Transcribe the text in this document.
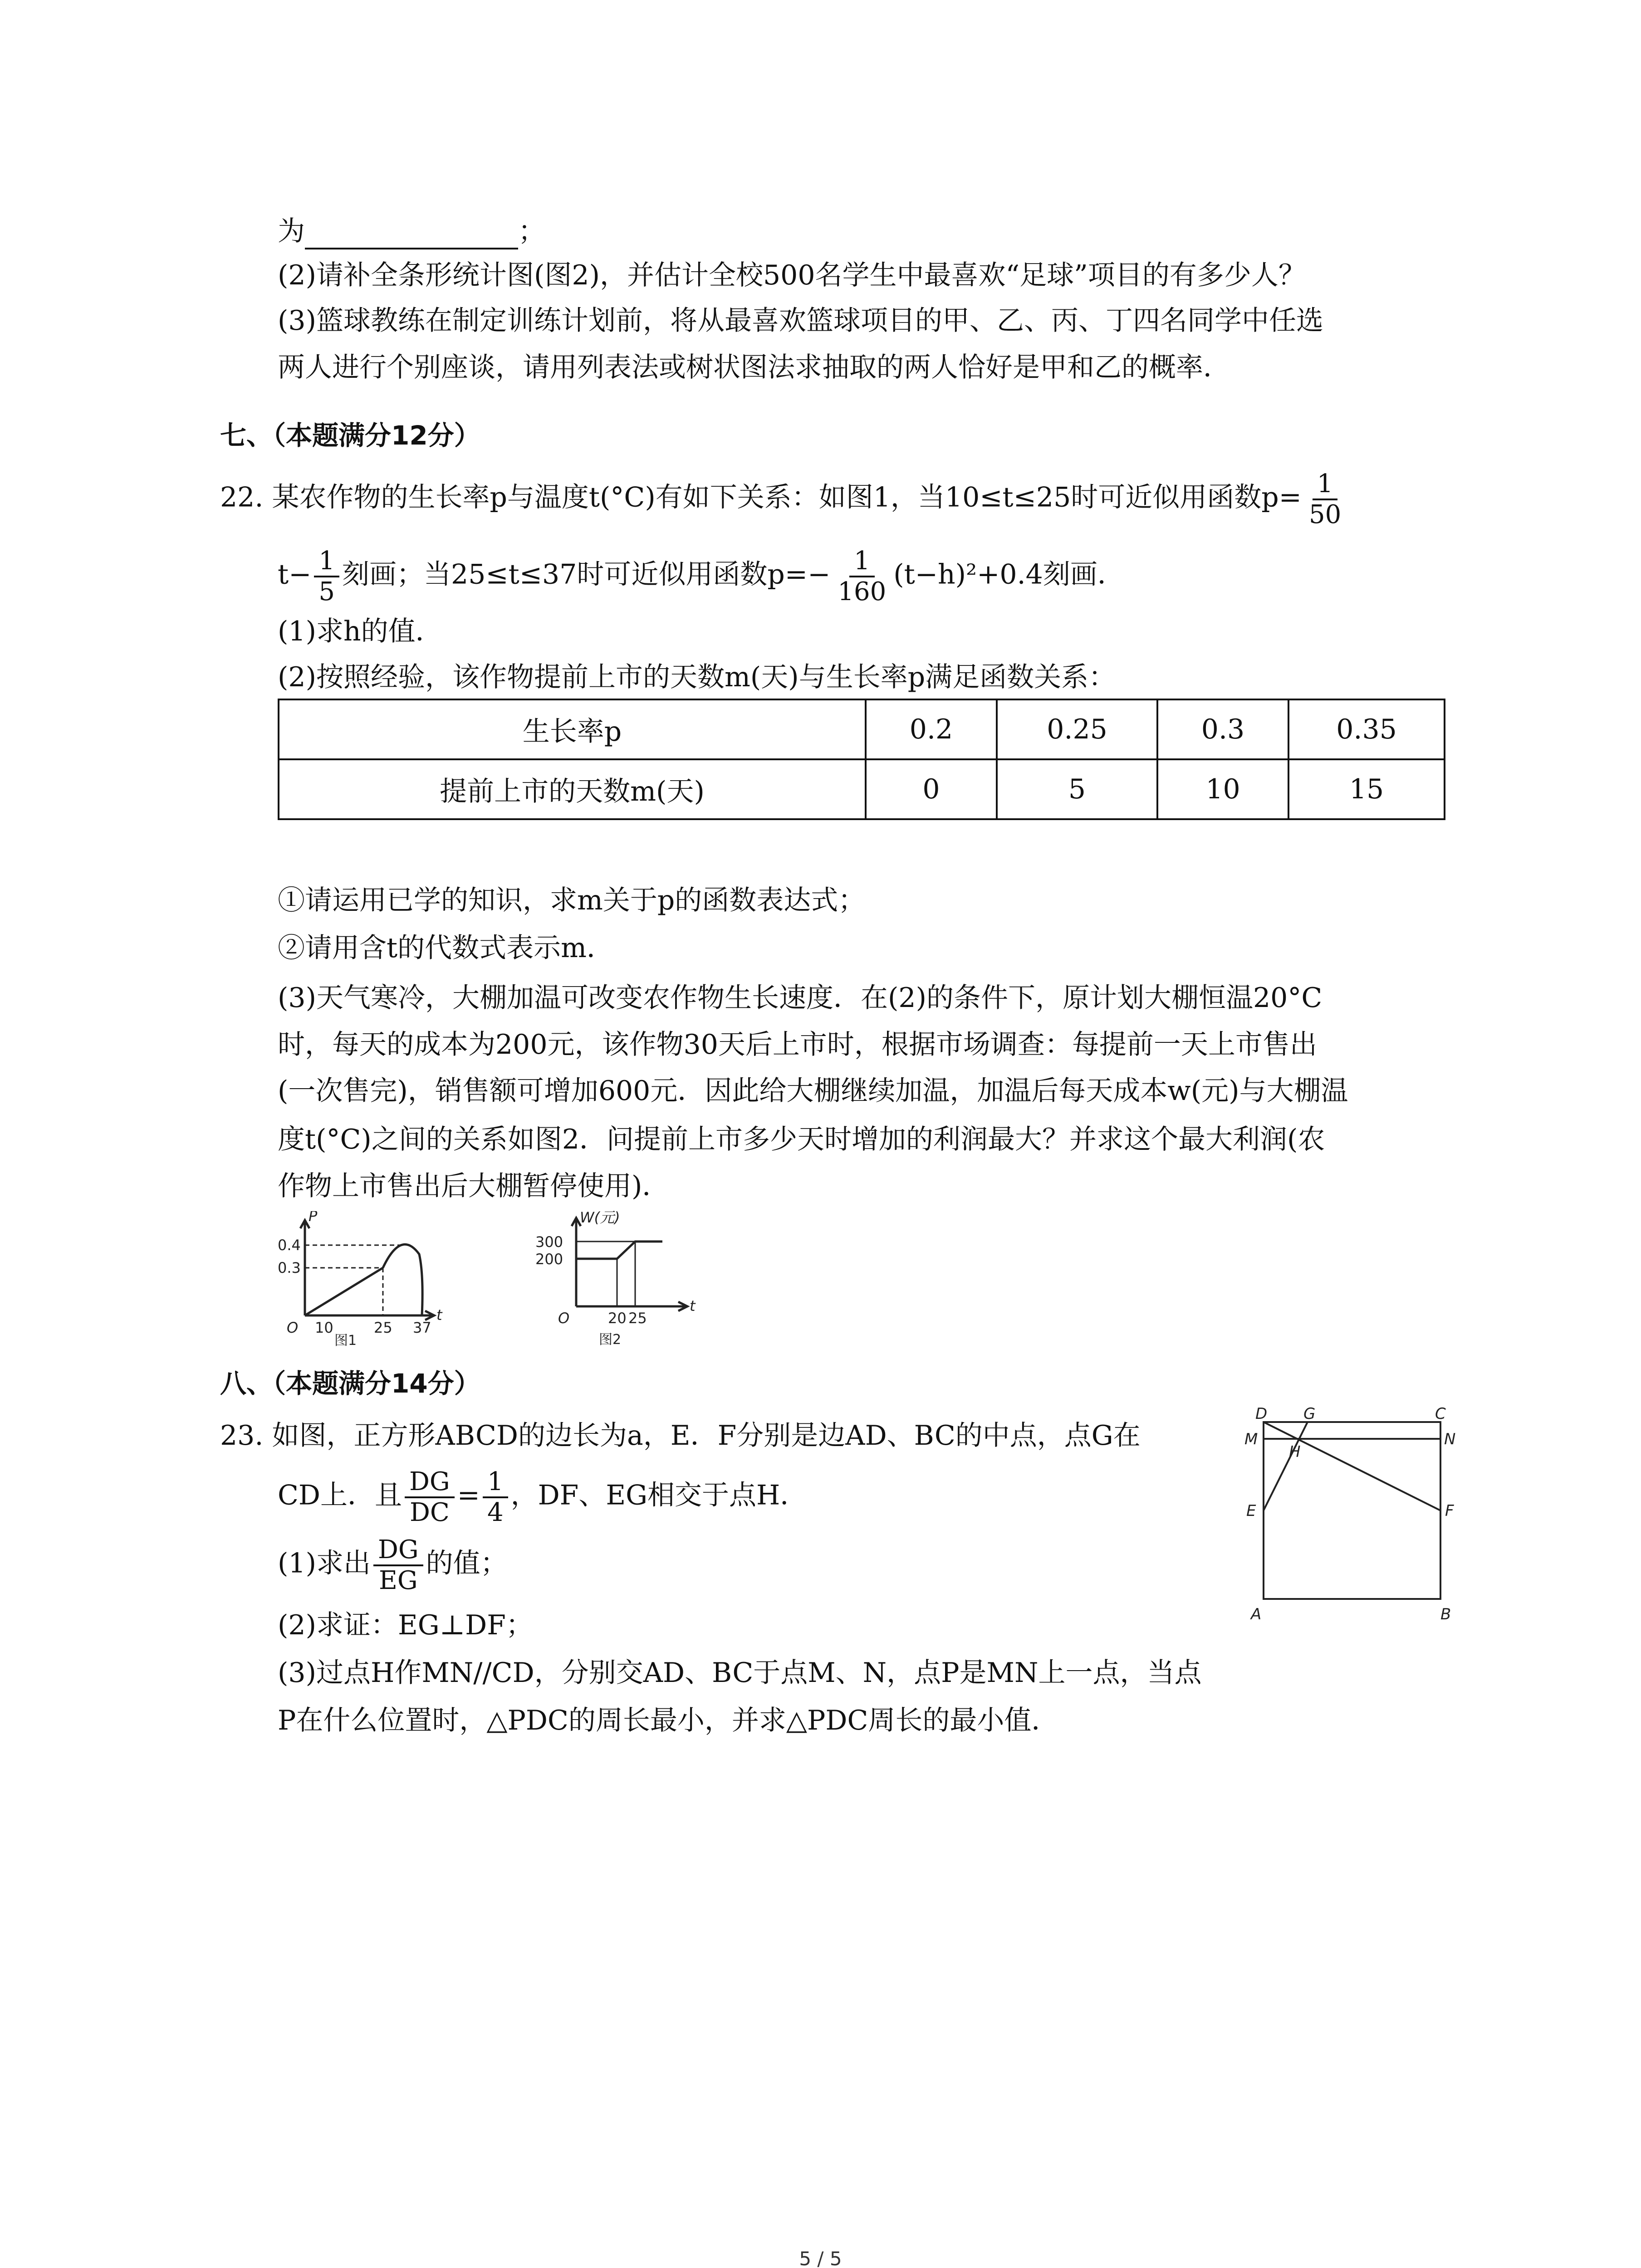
为	；
(2)请补全条形统计图(图2)，并估计全校500名学生中最喜欢“足球”项目的有多少人？
(3)篮球教练在制定训练计划前，将从最喜欢篮球项目的甲、乙、丙、丁四名同学中任选
两人进行个别座谈，请用列表法或树状图法求抽取的两人恰好是甲和乙的概率．
七、（本题满分12分）
22. 某农作物的生长率p与温度t(°C)有如下关系：如图1，当10≤t≤25时可近似用函数$p= \frac{1}{50}$
$t- \frac{1}{5}$ 刻画；当25≤t≤37时可近似用函数$p=- \frac{1}{160} (t-h)^2+0.4$刻画．
(1)求h的值．
(2)按照经验，该作物提前上市的天数m(天)与生长率p满足函数关系：
生长率p	0.2	0.25	0.3	0.35
提前上市的天数m(天)	0	5	10	15
①请运用已学的知识，求m关于p的函数表达式；
②请用含t的代数式表示m．
(3)天气寒冷，大棚加温可改变农作物生长速度．在(2)的条件下，原计划大棚恒温20°C
时，每天的成本为200元，该作物30天后上市时，根据市场调查：每提前一天上市售出
(一次售完)，销售额可增加600元．因此给大棚继续加温，加温后每天成本w(元)与大棚温
度t(°C)之间的关系如图2．问提前上市多少天时增加的利润最大？并求这个最大利润(农
作物上市售出后大棚暂停使用)．
P
0.4
0.3
O 10	25 37
t
图1
W(元)
300
200
O	20 25
t
图2
八、（本题满分14分）
23. 如图，正方形ABCD的边长为a，E．F分别是边AD、BC的中点，点G在
CD上．且 $\frac{DG}{DC} = \frac{1}{4}$ ，DF、EG相交于点H．
(1)求出 $\frac{DG}{EG}$ 的值；
(2)求证：EG⊥DF；
(3)过点H作MN//CD，分别交AD、BC于点M、N，点P是MN上一点，当点
P在什么位置时，△PDC的周长最小，并求△PDC周长的最小值．
D G	C
M
H
N
E	F
A	B
5 / 5
